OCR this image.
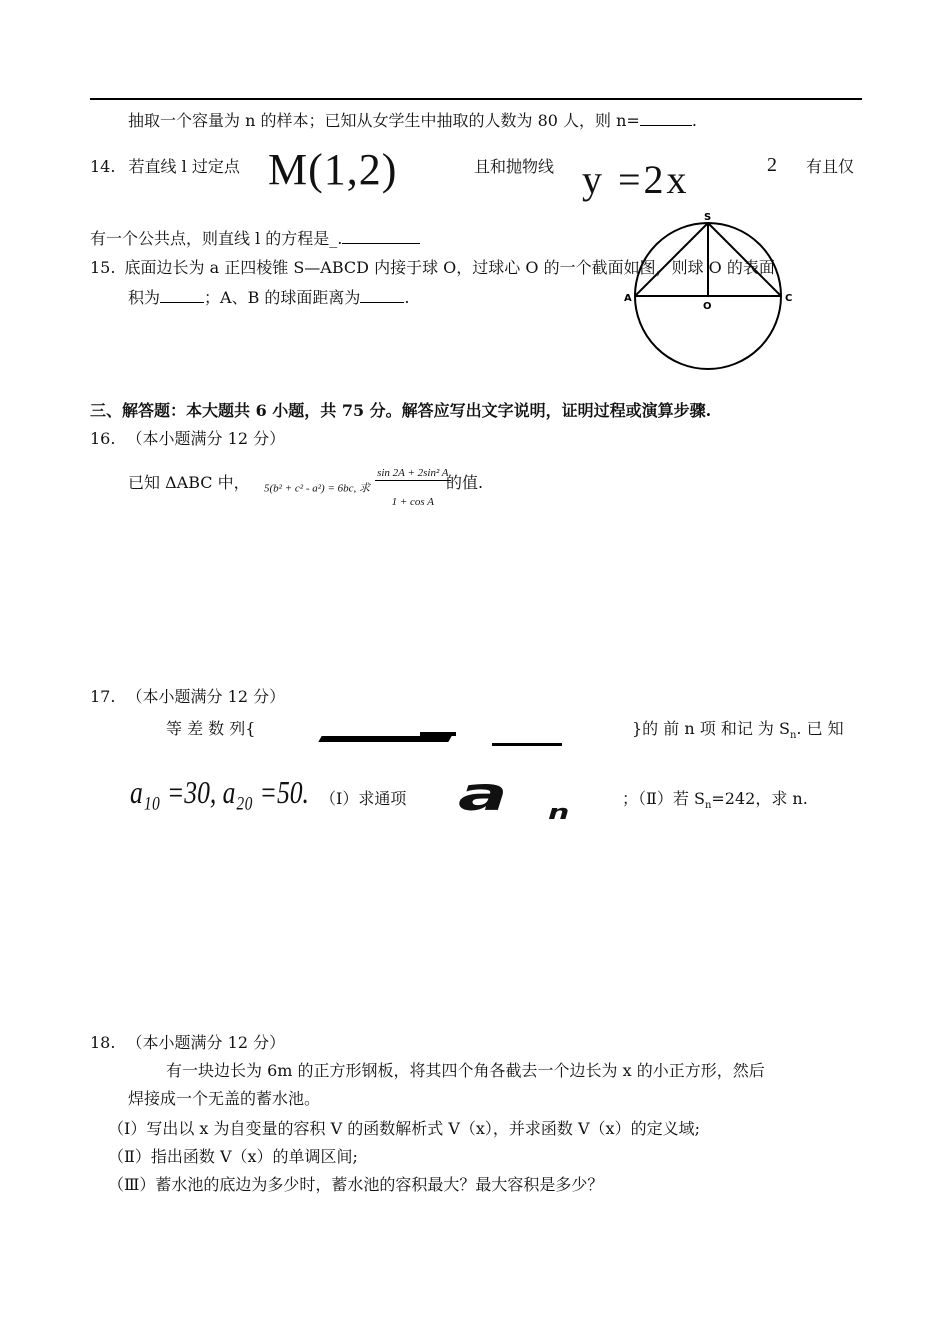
抽取一个容量为 n 的样本；已知从女学生中抽取的人数为 80 人，则 n=	.
14. 若直线 l 过定点 M(1,2)	且和抛物线 y =2x	2 有且仅
有一个公共点，则直线 l 的方程是_.
S
A
O
C
15. 底面边长为 a 正四棱锥 S—ABCD 内接于球 O，过球心 O 的一个截面如图，则球 O 的表面
积为	；A、B 的球面距离为	.
三、解答题：本大题共 6 小题，共 75 分。解答应写出文字说明，证明过程或演算步骤.
16. （本小题满分 12 分）
已知 ΔABC 中， 5(b² + c² - a²) = 6bc, 求 $\frac{\text{sin 2A + 2sin² A}}{\text{1 + cos A}}$
的值.
17. （本小题满分 12 分）
等 差 数 列{	}的 前 n 项 和记 为 $S_n$. 已 知
a₁₀ =30, a₂₀ =50. （Ⅰ）求通项 a n
；（Ⅱ）若 $S_n=242$，求 n.
18. （本小题满分 12 分）
有一块边长为 6m 的正方形钢板，将其四个角各截去一个边长为 x 的小正方形，然后
焊接成一个无盖的蓄水池。
（Ⅰ）写出以 x 为自变量的容积 V 的函数解析式 V（x），并求函数 V（x）的定义域;
（Ⅱ）指出函数 V（x）的单调区间;
（Ⅲ）蓄水池的底边为多少时，蓄水池的容积最大？最大容积是多少？
